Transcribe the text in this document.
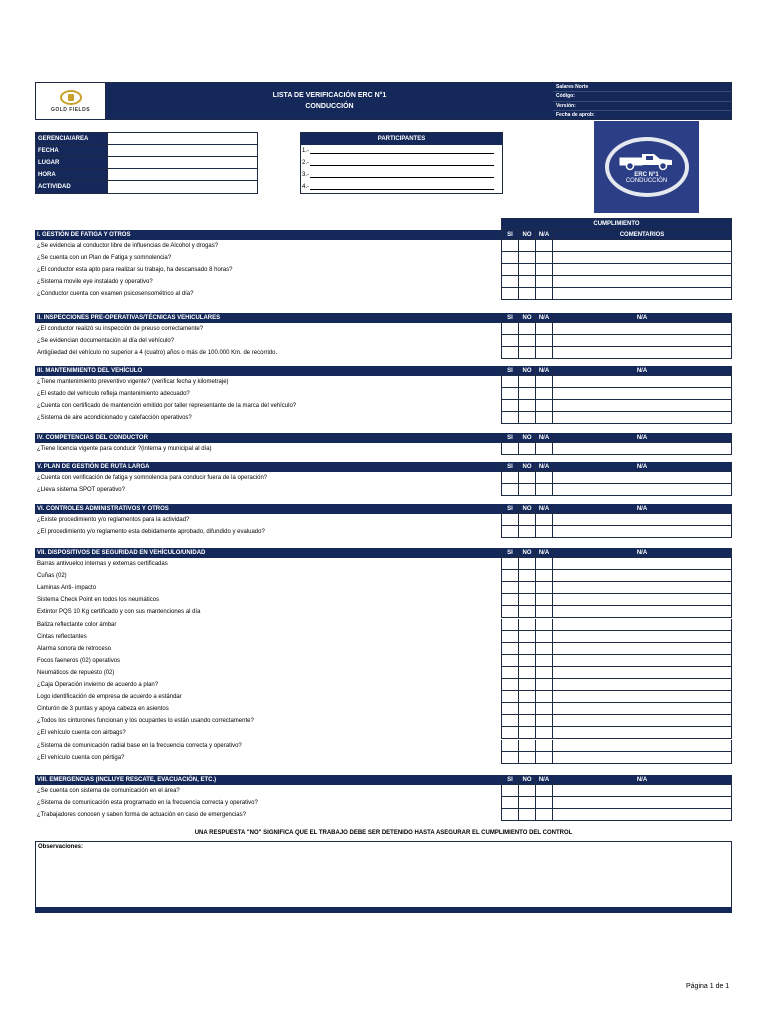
GOLD FIELDS
LISTA DE VERIFICACIÓN ERC N°1
CONDUCCIÓN
Salares Norte
Código:
Versión:
Fecha de aprob:
GERENCIA/AREA
FECHA
LUGAR
HORA
ACTIVIDAD
PARTICIPANTES
1.-
2.-
3.-
4.-
ERC N°1
CONDUCCIÓN
CUMPLIMIENTO
I. GESTIÓN DE FATIGA Y OTROS	SI	NO	N/A	COMENTARIOS
¿Se evidencia al conductor libre de influencias de Alcohol y drogas?
¿Se cuenta con un Plan de Fatiga y somnolencia?
¿El conductor esta apto para realizar su trabajo, ha descansado 8 horas?
¿Sistema movile eye instalado y operativo?
¿Conductor cuenta con examen psicosensométrico al día?
II. INSPECCIONES PRE-OPERATIVAS/TÉCNICAS VEHICULARES	SI	NO	N/A	N/A
¿El conductor realizó su inspección de preuso correctamente?
¿Se evidencian documentación al día del vehículo?
Antigüedad del vehículo no superior a 4 (cuatro) años o más de 100.000 Km. de recorrido.
III. MANTENIMIENTO DEL VEHÍCULO	SI	NO	N/A	N/A
¿Tiene mantenimiento preventivo vigente? (verificar fecha y kilometraje)
¿El estado del vehículo refleja mantenimiento adecuado?
¿Cuenta con certificado de mantención emitido por taller representante de la marca del vehículo?
¿Sistema de aire acondicionado y calefacción operativos?
IV. COMPETENCIAS DEL CONDUCTOR	SI	NO	N/A	N/A
¿Tiene licencia vigente para conducir ?(interna y municipal al día)
V. PLAN DE GESTIÓN DE RUTA LARGA	SI	NO	N/A	N/A
¿Cuenta con verificación de fatiga y somnolencia para conducir fuera de la operación?
¿Lleva sistema SPOT operativo?
VI. CONTROLES ADMINISTRATIVOS Y OTROS	SI	NO	N/A	N/A
¿Existe procedimiento y/o reglamentos para la actividad?
¿El procedimiento y/o reglamento esta debidamente aprobado, difundido y evaluado?
VII. DISPOSITIVOS DE SEGURIDAD EN VEHÍCULO/UNIDAD	SI	NO	N/A	N/A
Barras antivuelco internas y externas certificadas
Cuñas (02)
Laminas Anti- impacto
Sistema Check Point en todos los neumáticos
Extintor PQS 10 Kg certificado y con sus mantenciones al día
Baliza reflectante color ámbar
Cintas reflectantes
Alarma sonora de retroceso
Focos faeneros (02) operativos
Neumáticos de repuesto (02)
¿Caja Operación invierno de acuerdo a plan?
Logo identificación de empresa de acuerdo a estándar
Cinturón de 3 puntas y apoya cabeza en asientos
¿Todos los cinturones funcionan y los ocupantes lo están usando correctamente?
¿El vehículo cuenta con airbags?
¿Sistema de comunicación radial base en la frecuencia correcta y operativo?
¿El vehículo cuenta con pértiga?
VIII. EMERGENCIAS (INCLUYE RESCATE, EVACUACIÓN, ETC.)	SI	NO	N/A	N/A
¿Se cuenta con sistema de comunicación en el área?
¿Sistema de comunicación esta programado en la frecuencia correcta y operativo?
¿Trabajadores conocen y saben forma de actuación en caso de emergencias?
UNA RESPUESTA "NO" SIGNIFICA QUE EL TRABAJO DEBE SER DETENIDO HASTA ASEGURAR EL CUMPLIMIENTO DEL CONTROL
Observaciones:
Página 1 de 1
